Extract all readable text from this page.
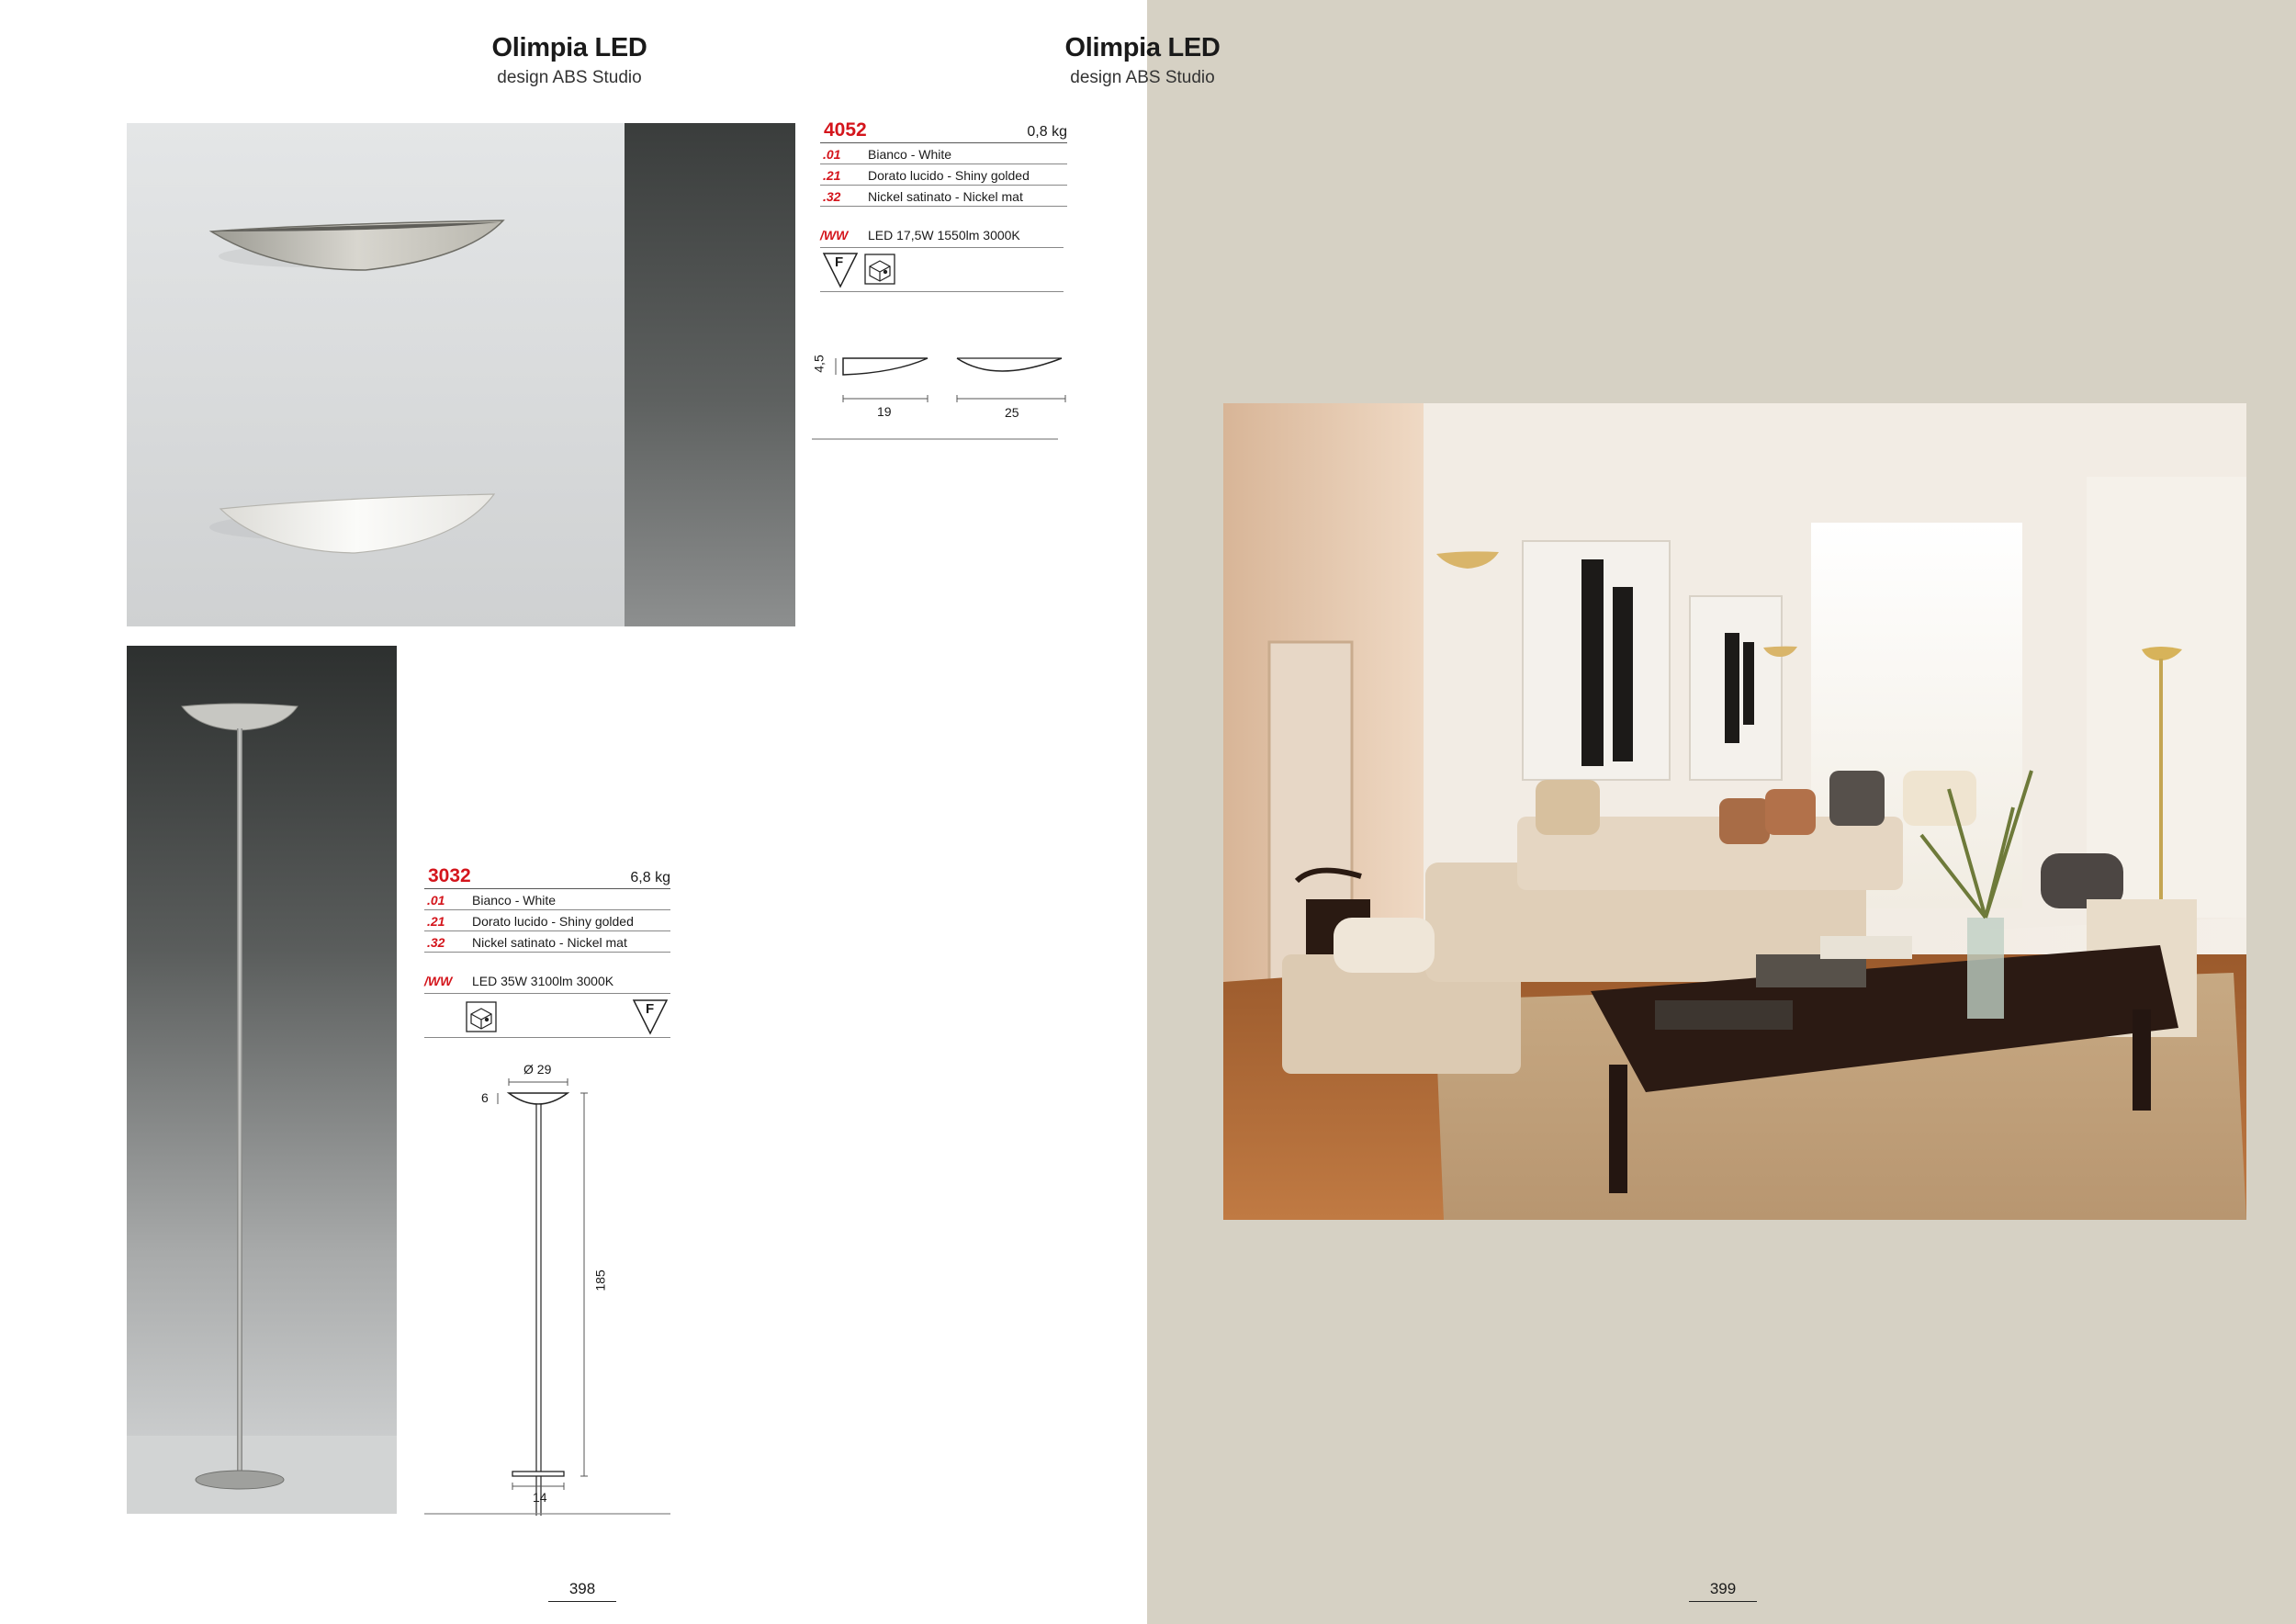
Olimpia LED
design ABS Studio
4052	0,8 kg
.01 Bianco - White
.21 Dorato lucido - Shiny golded
.32 Nickel satinato - Nickel mat
/WW LED 17,5W 1550lm 3000K
F
4,5
19	25
3032	6,8 kg
.01 Bianco - White
.21 Dorato lucido - Shiny golded
.32 Nickel satinato - Nickel mat
/WW LED 35W 3100lm 3000K
F
Ø 29
6
185
14
398
Olimpia LED
design ABS Studio
399
